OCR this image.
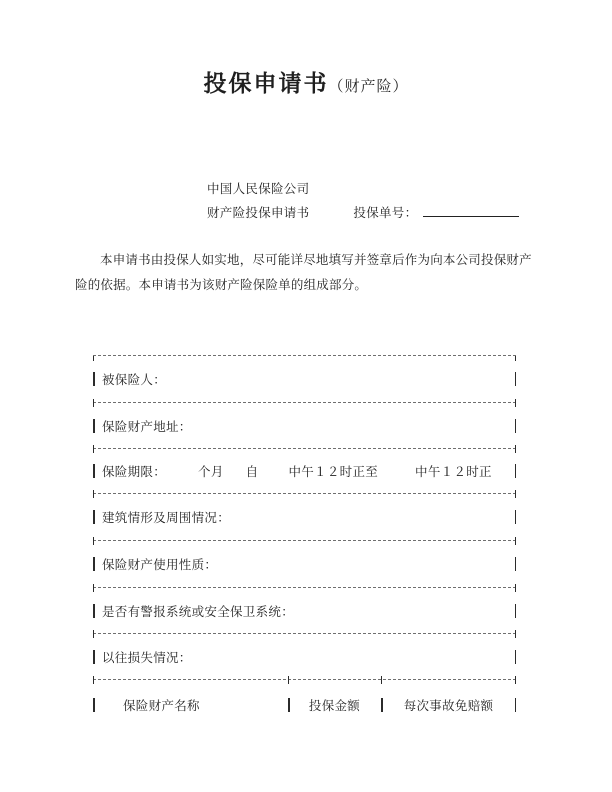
投保申请书（财产险）
中国人民保险公司
财产险投保申请书	投保单号：
本申请书由投保人如实地，尽可能详尽地填写并签章后作为向本公司投保财产
险的依据。本申请书为该财产险保险单的组成部分。
被保险人：
保险财产地址：
保险期限：	个月 自 中午１２时正至	中午１２时正
建筑情形及周围情况：
保险财产使用性质：
是否有警报系统或安全保卫系统：
以往损失情况：
保险财产名称	投保金额	每次事故免赔额
